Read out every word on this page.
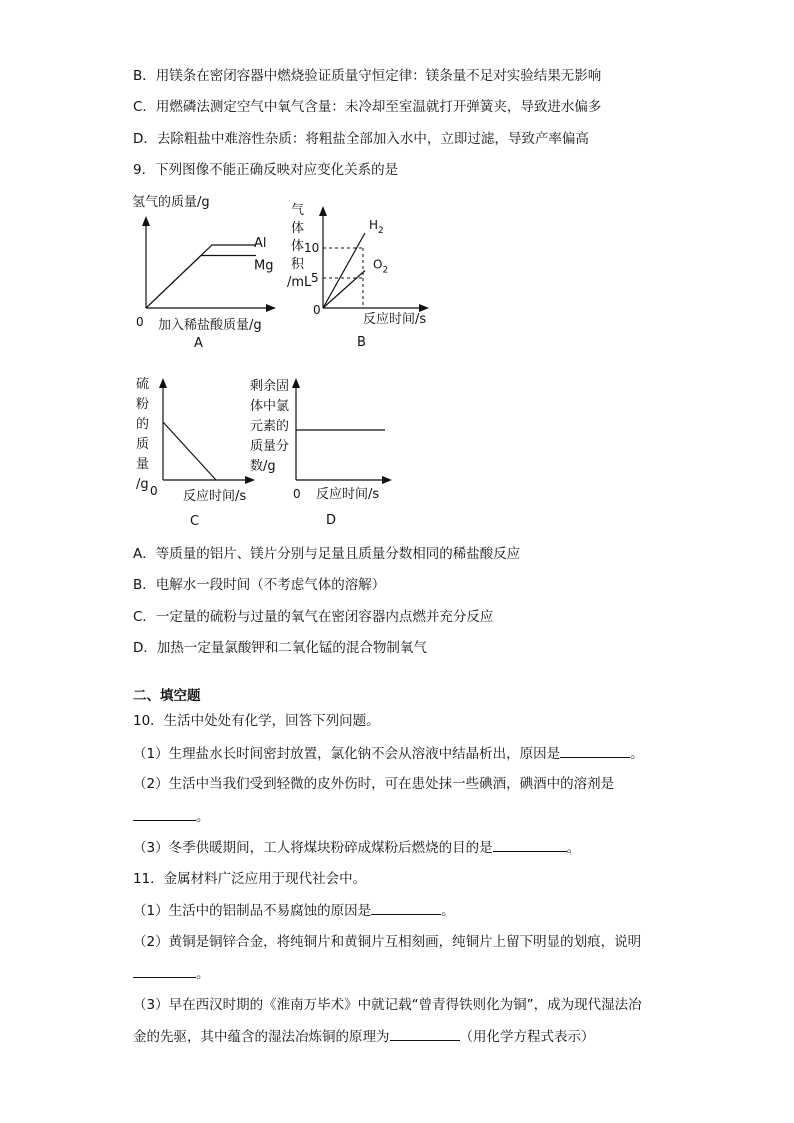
B．用镁条在密闭容器中燃烧验证质量守恒定律：镁条量不足对实验结果无影响
C．用燃磷法测定空气中氧气含量：未冷却至室温就打开弹簧夹，导致进水偏多
D．去除粗盐中难溶性杂质：将粗盐全部加入水中，立即过滤，导致产率偏高
9．下列图像不能正确反映对应变化关系的是
氢气的质量/g
0 加入稀盐酸质量/g
A
Al
Mg
气
体
体
积
/mL
0
反应时间/s
B
10
5
$H_2$
$O_2$
硫
粉
的
质
量
/g 0 反应时间/s
C
剩余固
体中氯
元素的
质量分
数/g
0 反应时间/s
D
A．等质量的铝片、镁片分别与足量且质量分数相同的稀盐酸反应
B．电解水一段时间（不考虑气体的溶解）
C．一定量的硫粉与过量的氧气在密闭容器内点燃并充分反应
D．加热一定量氯酸钾和二氧化锰的混合物制氧气
二、填空题
10．生活中处处有化学，回答下列问题。
（1）生理盐水长时间密封放置，氯化钠不会从溶液中结晶析出，原因是	。
（2）生活中当我们受到轻微的皮外伤时，可在患处抹一些碘酒，碘酒中的溶剂是
。
（3）冬季供暖期间，工人将煤块粉碎成煤粉后燃烧的目的是	。
11．金属材料广泛应用于现代社会中。
（1）生活中的铝制品不易腐蚀的原因是	。
（2）黄铜是铜锌合金，将纯铜片和黄铜片互相刻画，纯铜片上留下明显的划痕，说明
。
（3）早在西汉时期的《淮南万毕术》中就记载“曾青得铁则化为铜”，成为现代湿法冶
金的先驱，其中蕴含的湿法冶炼铜的原理为	（用化学方程式表示）
